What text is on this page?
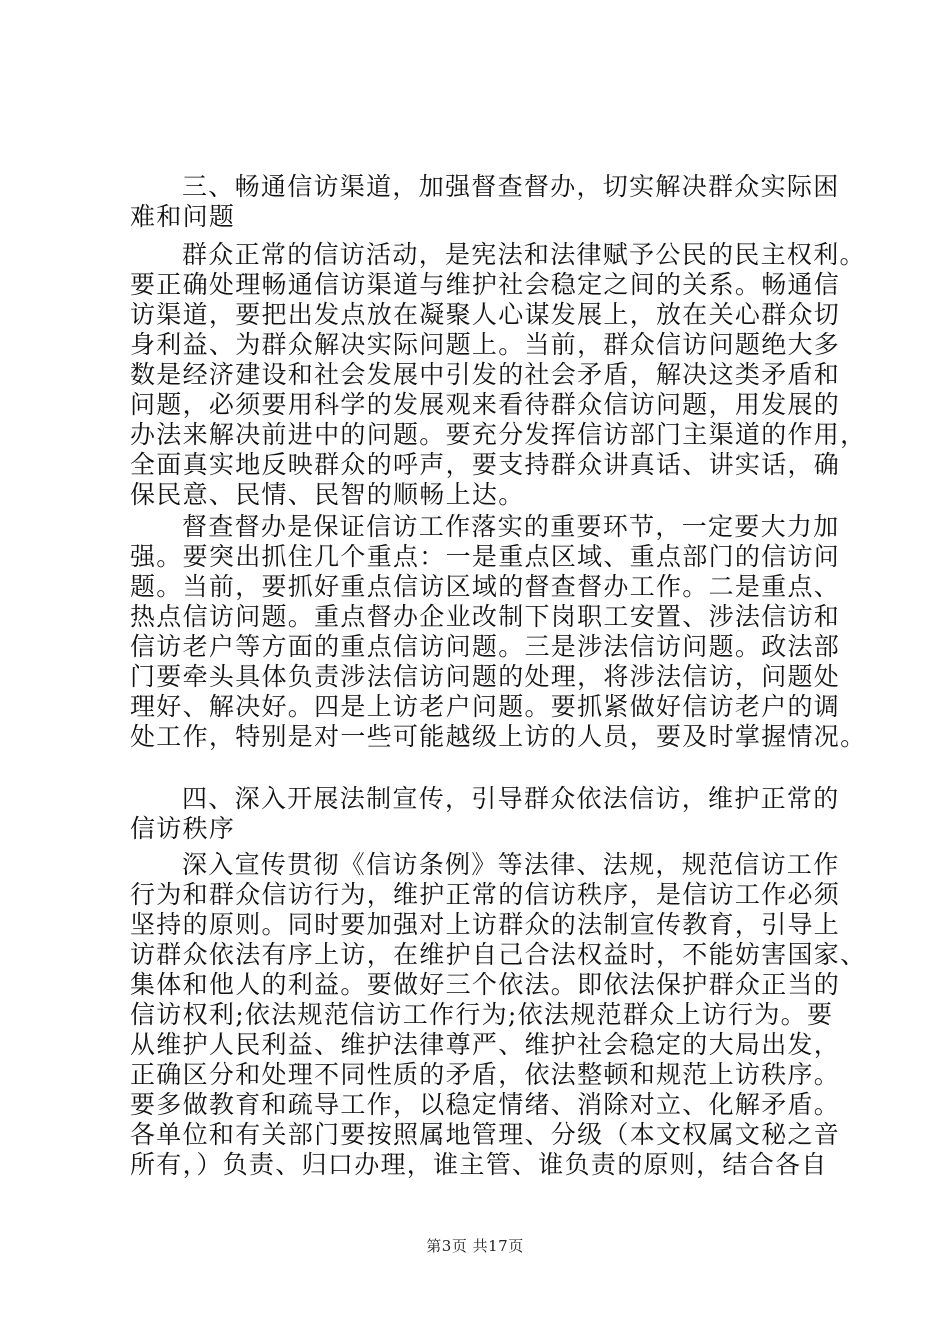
三、畅通信访渠道，加强督查督办，切实解决群众实际困

难和问题

群众正常的信访活动，是宪法和法律赋予公民的民主权利。

要正确处理畅通信访渠道与维护社会稳定之间的关系。畅通信

访渠道，要把出发点放在凝聚人心谋发展上，放在关心群众切

身利益、为群众解决实际问题上。当前，群众信访问题绝大多

数是经济建设和社会发展中引发的社会矛盾，解决这类矛盾和

问题，必须要用科学的发展观来看待群众信访问题，用发展的

办法来解决前进中的问题。要充分发挥信访部门主渠道的作用，

全面真实地反映群众的呼声，要支持群众讲真话、讲实话，确

保民意、民情、民智的顺畅上达。

督查督办是保证信访工作落实的重要环节，一定要大力加

强。要突出抓住几个重点：一是重点区域、重点部门的信访问

题。当前，要抓好重点信访区域的督查督办工作。二是重点、

热点信访问题。重点督办企业改制下岗职工安置、涉法信访和

信访老户等方面的重点信访问题。三是涉法信访问题。政法部

门要牵头具体负责涉法信访问题的处理，将涉法信访，问题处

理好、解决好。四是上访老户问题。要抓紧做好信访老户的调

处工作，特别是对一些可能越级上访的人员，要及时掌握情况。

四、深入开展法制宣传，引导群众依法信访，维护正常的

信访秩序

深入宣传贯彻《信访条例》等法律、法规，规范信访工作

行为和群众信访行为，维护正常的信访秩序，是信访工作必须

坚持的原则。同时要加强对上访群众的法制宣传教育，引导上

访群众依法有序上访，在维护自己合法权益时，不能妨害国家、

集体和他人的利益。要做好三个依法。即依法保护群众正当的

信访权利;依法规范信访工作行为;依法规范群众上访行为。要

从维护人民利益、维护法律尊严、维护社会稳定的大局出发，

正确区分和处理不同性质的矛盾，依法整顿和规范上访秩序。

要多做教育和疏导工作，以稳定情绪、消除对立、化解矛盾。

各单位和有关部门要按照属地管理、分级（本文权属文秘之音

所有，）负责、归口办理，谁主管、谁负责的原则，结合各自

第3页 共17页
